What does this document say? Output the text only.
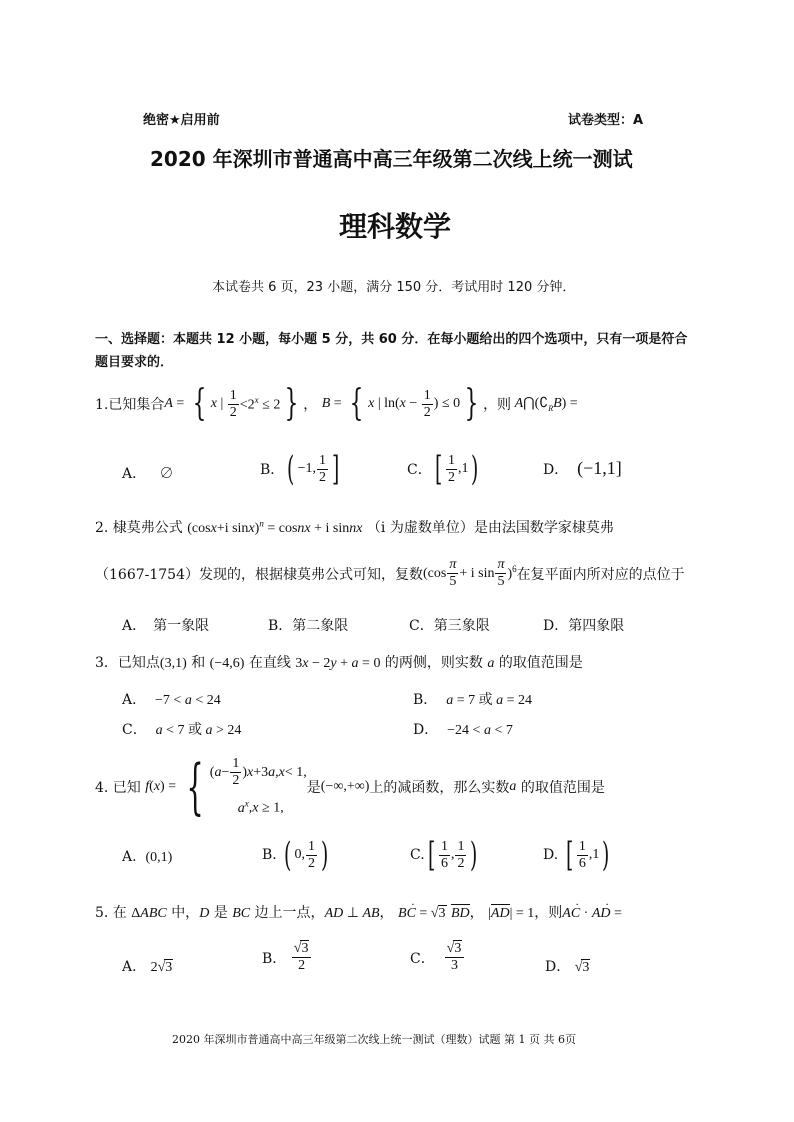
绝密★启用前	试卷类型：A
2020 年深圳市普通高中高三年级第二次线上统一测试
理科数学
本试卷共 6 页，23 小题，满分 150 分．考试用时 120 分钟．
一、选择题：本题共 12 小题，每小题 5 分，共 60 分．在每小题给出的四个选项中，只有一项是符合
题目要求的．
1.已知集合 A = { x | $\frac{1}{2} <2^x \le 2$ } ， B = { x | ln( $x - \frac{1}{2}$ ) ≤ 0 } ，则 A $⋂(∁_R$ B ) =
A． ∅	B． ( −1, $\frac{1}{2}$ ]	C． [ $\frac{1}{2} ,1$ )	D．
(−1,1]
2. 棣莫弗公式 (cosx+i sinx)$^n$ = cosnx + i sinnx （i 为虚数单位）是由法国数学家棣莫弗
（1667-1754）发现的，根据棣莫弗公式可知，复数 ($\cos \frac{\pi}{5} + i$ $\sin \frac{\pi}{5} )^6$ 在复平面内所对应的点位于
A．　第一象限	B．第二象限	C．第三象限	D．第四象限
3．已知点(3,1) 和 (−4,6) 在直线 3x − 2y + a = 0 的两侧，则实数 a 的取值范围是
A． −7 < a < 24	B． a = 7 或 a = 24
C． a < 7 或 a > 24	D． −24 < a < 7
4. 已知
f ( x ) = { ( $a - \frac{1}{2}$ ) x +3 a , x < 1,
$a^x,x \ge 1$,
是 (−∞,+∞) 上的减函数，那么实数 a
的取值范围是
A. (0,1)	B.
( 0, $\frac{1}{2}$ )	C. [ $\frac{1}{6}$ , $\frac{1}{2}$ )	D.
[ $\frac{1}{6} ,1$ )
5. 在 ΔABC 中，D 是 BC 边上一点，AD ⊥ AB， BC · = √3 BD， |AD| = 1，则AC · · AD · =
A． 2√3
B．
$\frac{√3}{2}$	C．
$\frac{√3}{3}$	D． √3
2020 年深圳市普通高中高三年级第二次线上统一测试（理数）试题 第 1 页 共 6页
